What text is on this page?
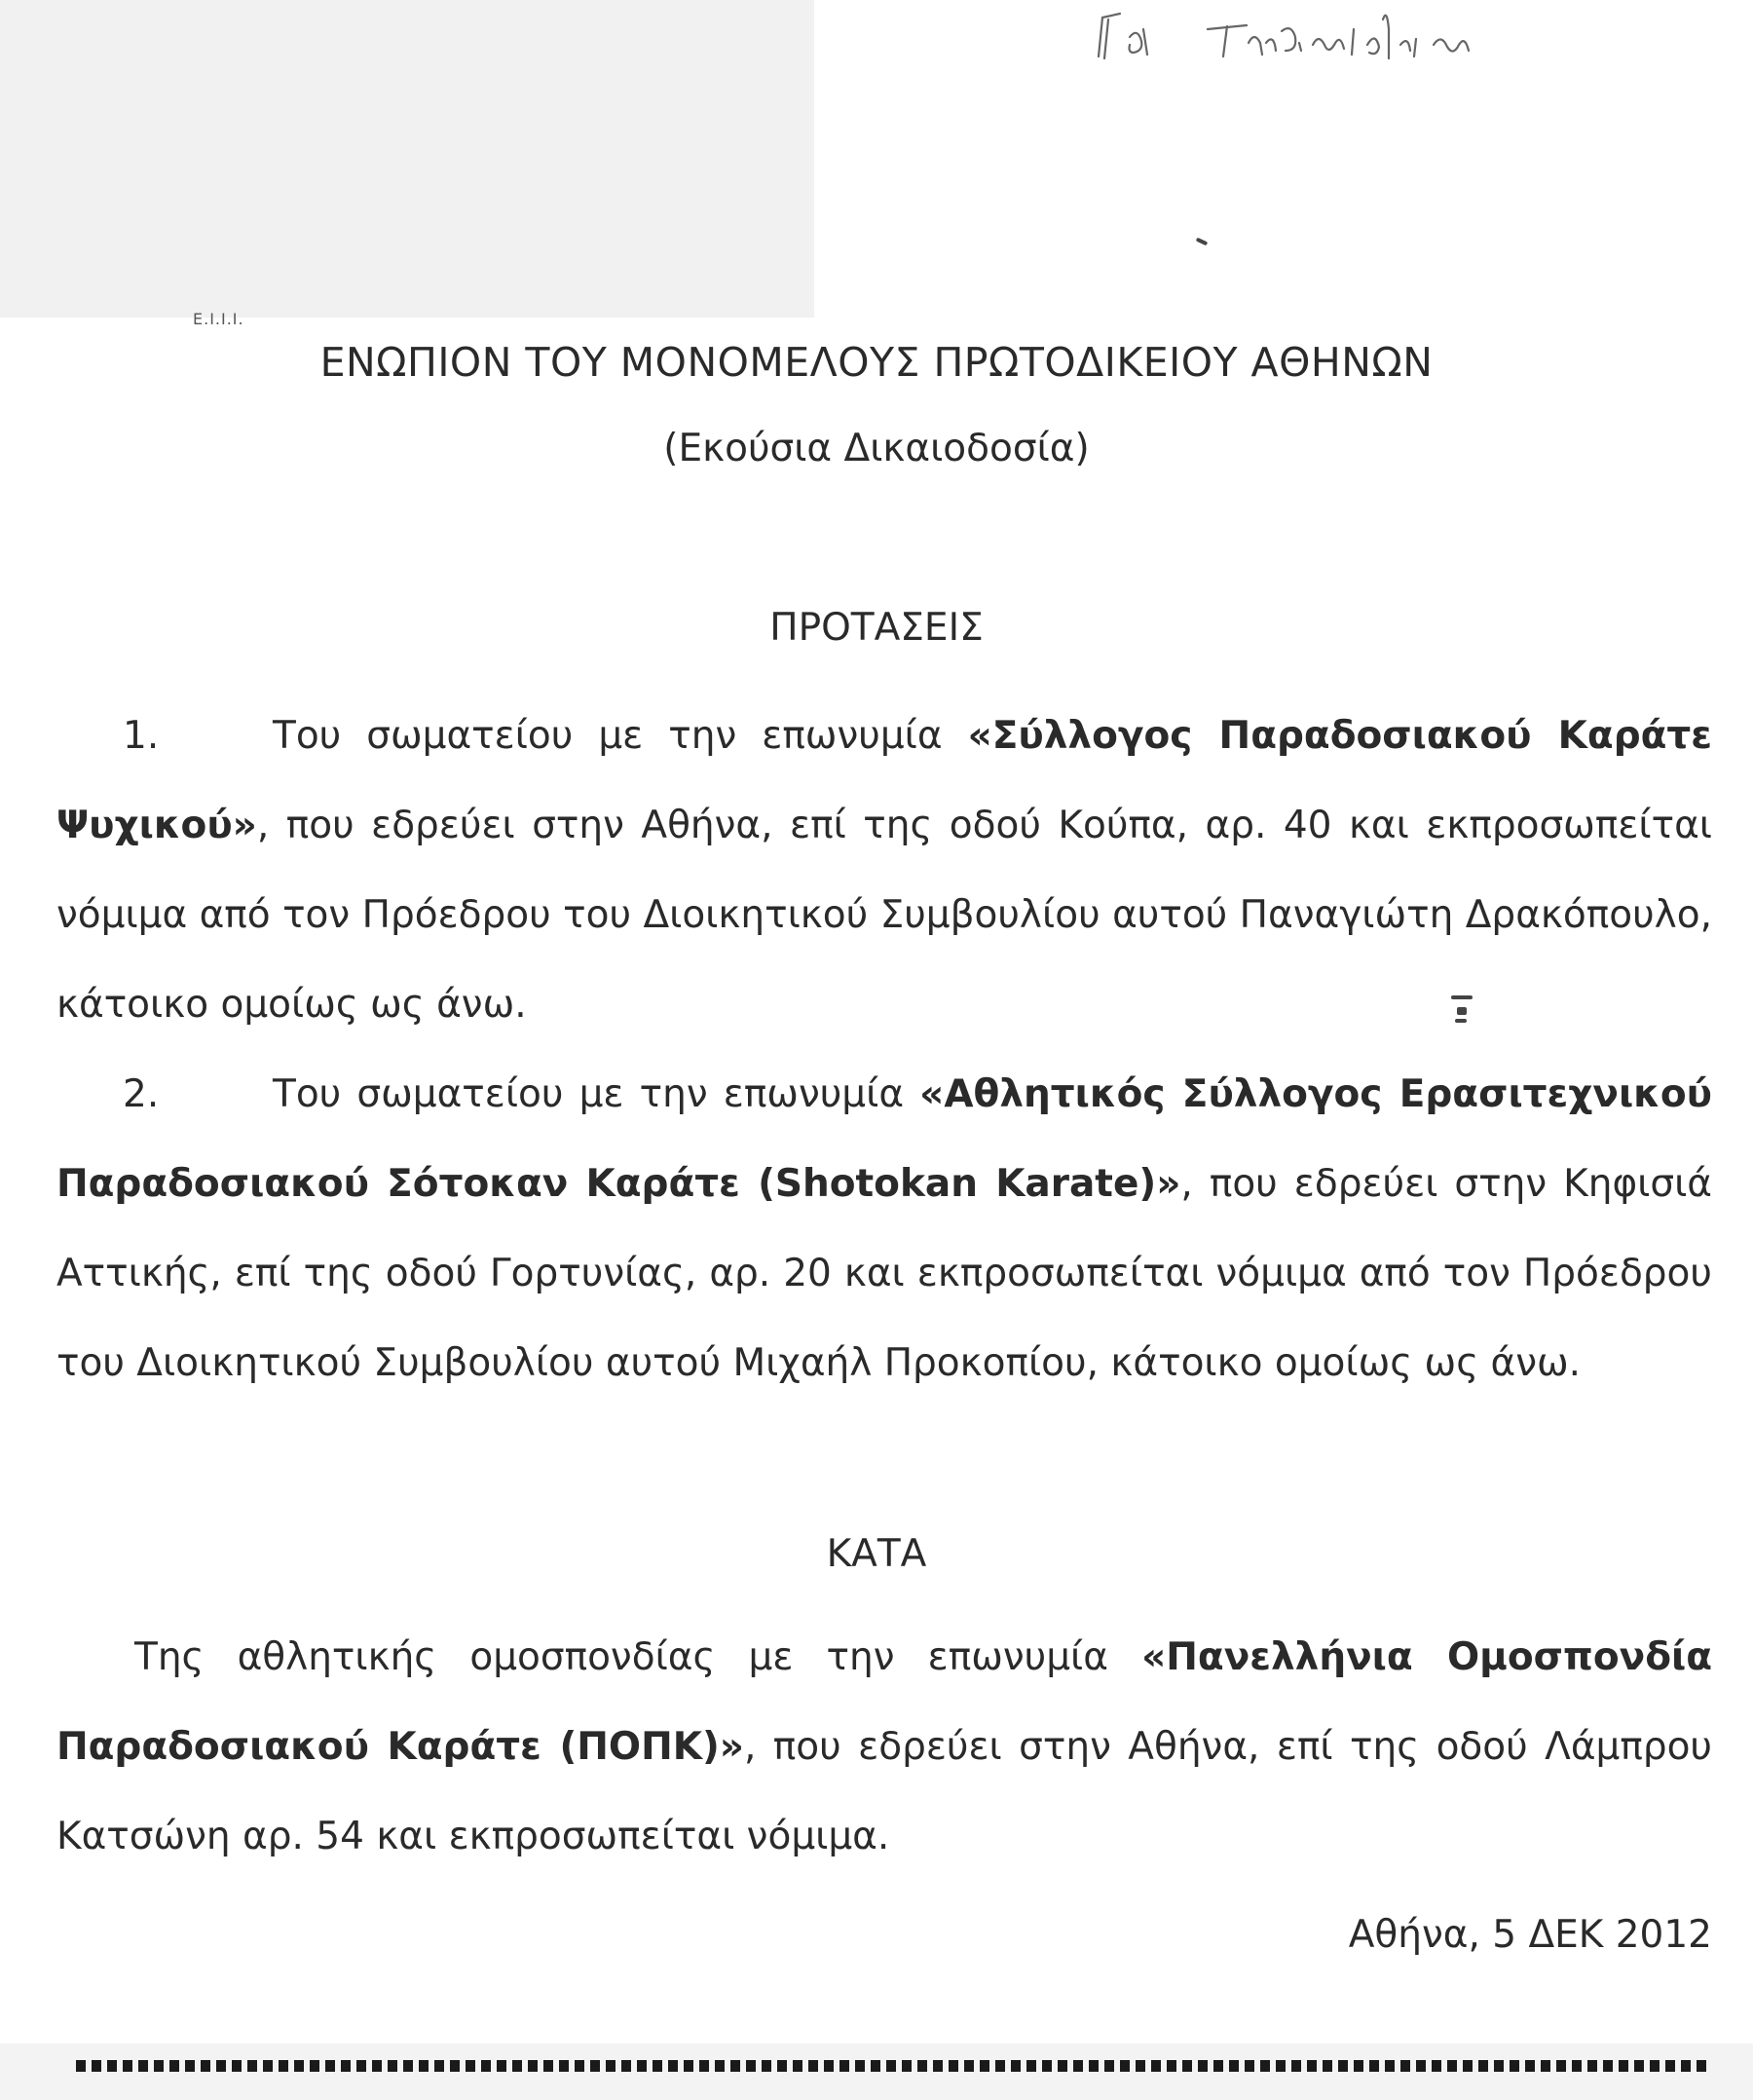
Ε.Ι.Ι.Ι.
ΕΝΩΠΙΟΝ ΤΟΥ ΜΟΝΟΜΕΛΟΥΣ ΠΡΩΤΟΔΙΚΕΙΟΥ ΑΘΗΝΩΝ
(Εκούσια Δικαιοδοσία)
ΠΡΟΤΑΣΕΙΣ
1.	Του σωματείου με την επωνυμία «Σύλλογος Παραδοσιακού Καράτε Ψυχικού», που εδρεύει στην Αθήνα, επί της οδού Κούπα, αρ. 40 και εκπροσωπείται νόμιμα από τον Πρόεδρου του Διοικητικού Συμβουλίου αυτού Παναγιώτη Δρακόπουλο, κάτοικο ομοίως ως άνω.
2.	Του σωματείου με την επωνυμία «Αθλητικός Σύλλογος Ερασιτεχνικού Παραδοσιακού Σότοκαν Καράτε (Shotokan Karate)», που εδρεύει στην Κηφισιά Αττικής, επί της οδού Γορτυνίας, αρ. 20 και εκπροσωπείται νόμιμα από τον Πρόεδρου του Διοικητικού Συμβουλίου αυτού Μιχαήλ Προκοπίου, κάτοικο ομοίως ως άνω.
ΚΑΤΑ
Της αθλητικής ομοσπονδίας με την επωνυμία «Πανελλήνια Ομοσπονδία Παραδοσιακού Καράτε (ΠΟΠΚ)», που εδρεύει στην Αθήνα, επί της οδού Λάμπρου Κατσώνη αρ. 54 και εκπροσωπείται νόμιμα.
Αθήνα, 5 ΔΕΚ 2012
